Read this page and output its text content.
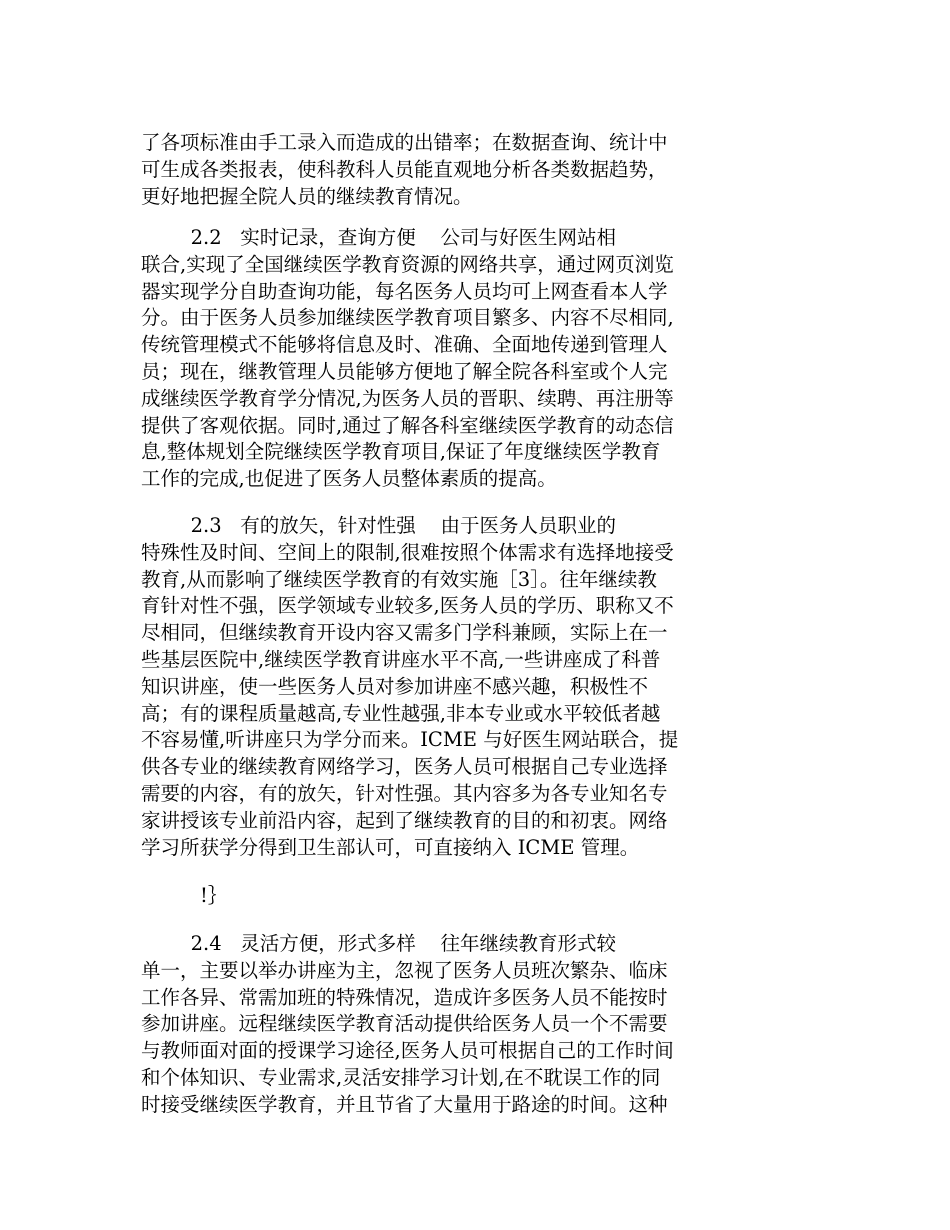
了各项标准由手工录入而造成的出错率；在数据查询、统计中
可生成各类报表，使科教科人员能直观地分析各类数据趋势，
更好地把握全院人员的继续教育情况。
2.2   实时记录，查询方便    公司与好医生网站相
联合,实现了全国继续医学教育资源的网络共享，通过网页浏览
器实现学分自助查询功能，每名医务人员均可上网查看本人学
分。由于医务人员参加继续医学教育项目繁多、内容不尽相同,
传统管理模式不能够将信息及时、准确、全面地传递到管理人
员；现在，继教管理人员能够方便地了解全院各科室或个人完
成继续医学教育学分情况,为医务人员的晋职、续聘、再注册等
提供了客观依据。同时,通过了解各科室继续医学教育的动态信
息,整体规划全院继续医学教育项目,保证了年度继续医学教育
工作的完成,也促进了医务人员整体素质的提高。
2.3   有的放矢，针对性强    由于医务人员职业的
特殊性及时间、空间上的限制,很难按照个体需求有选择地接受
教育,从而影响了继续医学教育的有效实施［3］。往年继续教
育针对性不强，医学领域专业较多,医务人员的学历、职称又不
尽相同，但继续教育开设内容又需多门学科兼顾，实际上在一
些基层医院中,继续医学教育讲座水平不高,一些讲座成了科普
知识讲座，使一些医务人员对参加讲座不感兴趣，积极性不
高；有的课程质量越高,专业性越强,非本专业或水平较低者越
不容易懂,听讲座只为学分而来。ICME 与好医生网站联合，提
供各专业的继续教育网络学习，医务人员可根据自己专业选择
需要的内容，有的放矢，针对性强。其内容多为各专业知名专
家讲授该专业前沿内容，起到了继续教育的目的和初衷。网络
学习所获学分得到卫生部认可，可直接纳入 ICME 管理。
!｝
2.4   灵活方便，形式多样    往年继续教育形式较
单一，主要以举办讲座为主，忽视了医务人员班次繁杂、临床
工作各异、常需加班的特殊情况，造成许多医务人员不能按时
参加讲座。远程继续医学教育活动提供给医务人员一个不需要
与教师面对面的授课学习途径,医务人员可根据自己的工作时间
和个体知识、专业需求,灵活安排学习计划,在不耽误工作的同
时接受继续医学教育，并且节省了大量用于路途的时间。这种
